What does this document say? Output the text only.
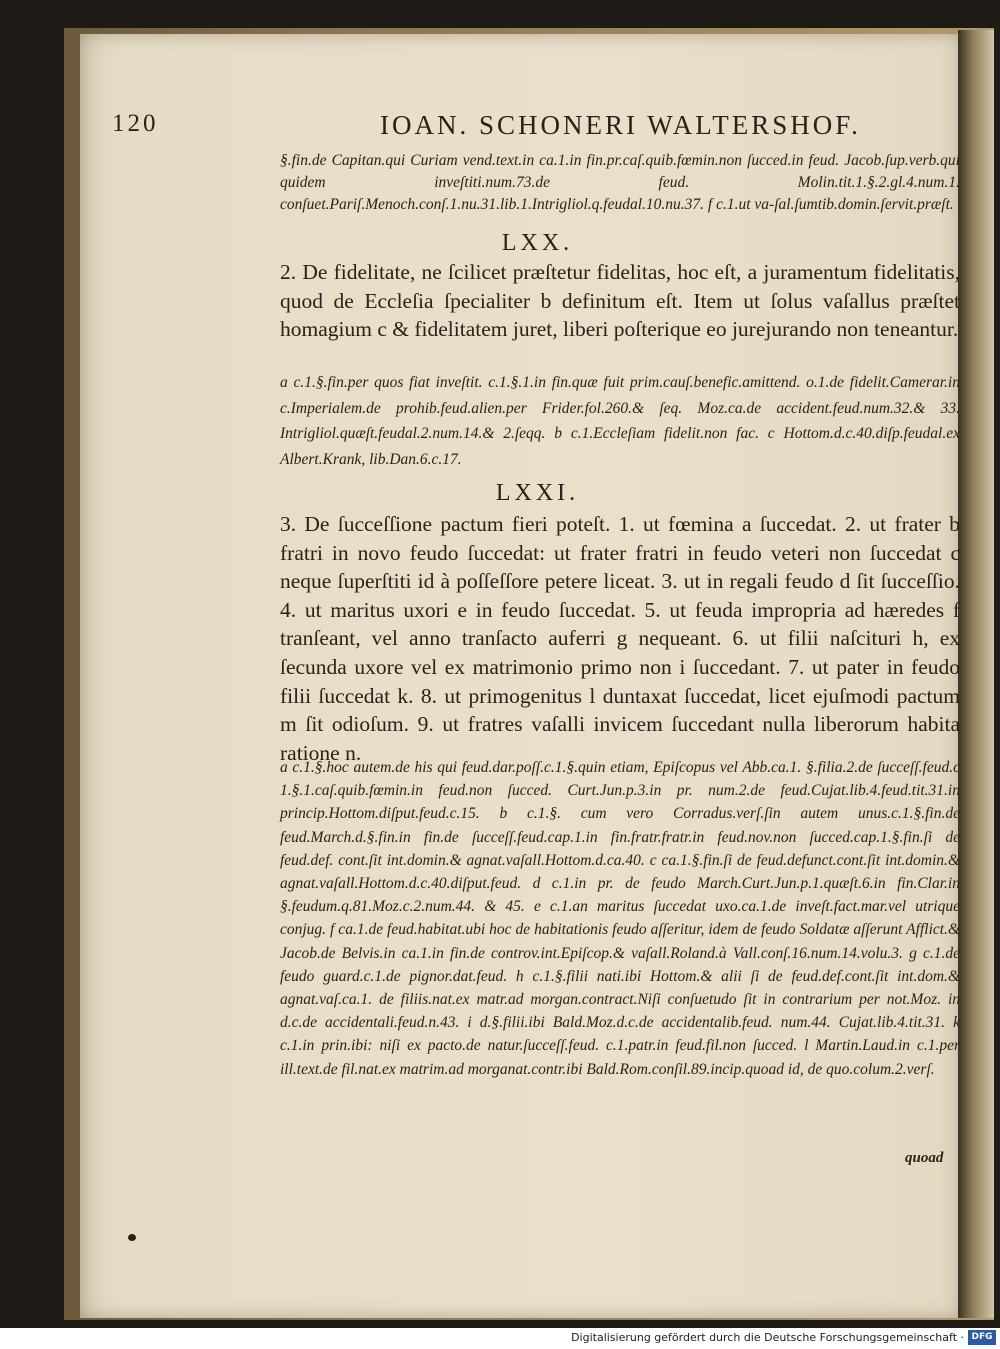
120	IOAN. SCHONERI WALTERSHOF.
§.fin.de Capitan.qui Curiam vend.text.in ca.1.in fin.pr.caſ.quib.fœmin.non ſucced.in feud. Jacob.ſup.verb.qui quidem inveſtiti.num.73.de feud. Molin.tit.1.§.2.gl.4.num.1. conſuet.Pariſ.Menoch.conſ.1.nu.31.lib.1.Intrigliol.q.feudal.10.nu.37. f c.1.ut va-ſal.ſumtib.domin.ſervit.præſt.

LXX.

2. De fidelitate, ne ſcilicet præſtetur fidelitas, hoc eſt, a juramentum fidelitatis, quod de Eccleſia ſpecialiter b definitum eſt. Item ut ſolus vaſallus præſtet homagium c & fidelitatem juret, liberi poſterique eo jurejurando non teneantur.

a c.1.§.fin.per quos fiat inveſtit. c.1.§.1.in fin.quæ fuit prim.cauſ.benefic.amittend. o.1.de fidelit.Camerar.in c.Imperialem.de prohib.feud.alien.per Frider.fol.260.& ſeq. Moz.ca.de accident.feud.num.32.& 33. Intrigliol.quæſt.feudal.2.num.14.& 2.ſeqq. b c.1.Eccleſiam fidelit.non fac. c Hottom.d.c.40.diſp.feudal.ex Albert.Krank, lib.Dan.6.c.17.

LXXI.

3. De ſucceſſione pactum fieri poteſt. 1. ut fœmina a ſuccedat. 2. ut frater b fratri in novo feudo ſuccedat: ut frater fratri in feudo veteri non ſuccedat c neque ſuperſtiti id à poſſeſſore petere liceat. 3. ut in regali feudo d ſit ſucceſſio. 4. ut maritus uxori e in feudo ſuccedat. 5. ut feuda impropria ad hæredes f tranſeant, vel anno tranſacto auferri g nequeant. 6. ut filii naſcituri h, ex ſecunda uxore vel ex matrimonio primo non i ſuccedant. 7. ut pater in feudo filii ſuccedat k. 8. ut primogenitus l duntaxat ſuccedat, licet ejuſmodi pactum m ſit odioſum. 9. ut fratres vaſalli invicem ſuccedant nulla liberorum habita ratione n.

a c.1.§.hoc autem.de his qui feud.dar.poſſ.c.1.§.quin etiam, Epiſcopus vel Abb.ca.1. §.filia.2.de ſucceſſ.feud.c 1.§.1.caſ.quib.fœmin.in feud.non ſucced. Curt.Jun.p.3.in pr. num.2.de feud.Cujat.lib.4.feud.tit.31.in princip.Hottom.diſput.feud.c.15. b c.1.§. cum vero Corradus.verſ.ſin autem unus.c.1.§.fin.de feud.March.d.§.fin.in fin.de ſucceſſ.feud.cap.1.in fin.fratr.fratr.in feud.nov.non ſucced.cap.1.§.fin.ſi de feud.def. cont.ſit int.domin.& agnat.vaſall.Hottom.d.ca.40. c ca.1.§.fin.ſi de feud.defunct.cont.ſit int.domin.& agnat.vaſall.Hottom.d.c.40.diſput.feud. d c.1.in pr. de feudo March.Curt.Jun.p.1.quæſt.6.in fin.Clar.in §.feudum.q.81.Moz.c.2.num.44. & 45. e c.1.an maritus ſuccedat uxo.ca.1.de inveſt.fact.mar.vel utrique conjug. f ca.1.de feud.habitat.ubi hoc de habitationis feudo aſſeritur, idem de feudo Soldatæ aſſerunt Afflict.& Jacob.de Belvis.in ca.1.in fin.de controv.int.Epiſcop.& vaſall.Roland.à Vall.conſ.16.num.14.volu.3. g c.1.de feudo guard.c.1.de pignor.dat.feud. h c.1.§.filii nati.ibi Hottom.& alii ſi de feud.def.cont.ſit int.dom.& agnat.vaſ.ca.1. de filiis.nat.ex matr.ad morgan.contract.Niſi conſuetudo ſit in contrarium per not.Moz. in d.c.de accidentali.feud.n.43. i d.§.filii.ibi Bald.Moz.d.c.de accidentalib.feud. num.44. Cujat.lib.4.tit.31. k c.1.in prin.ibi: niſi ex pacto.de natur.ſucceſſ.feud. c.1.patr.in feud.fil.non ſucced. l Martin.Laud.in c.1.per ill.text.de fil.nat.ex matrim.ad morganat.contr.ibi Bald.Rom.conſil.89.incip.quoad id, de quo.colum.2.verſ.
quoad
Digitalisierung gefördert durch die Deutsche Forschungsgemeinschaft · DFG
